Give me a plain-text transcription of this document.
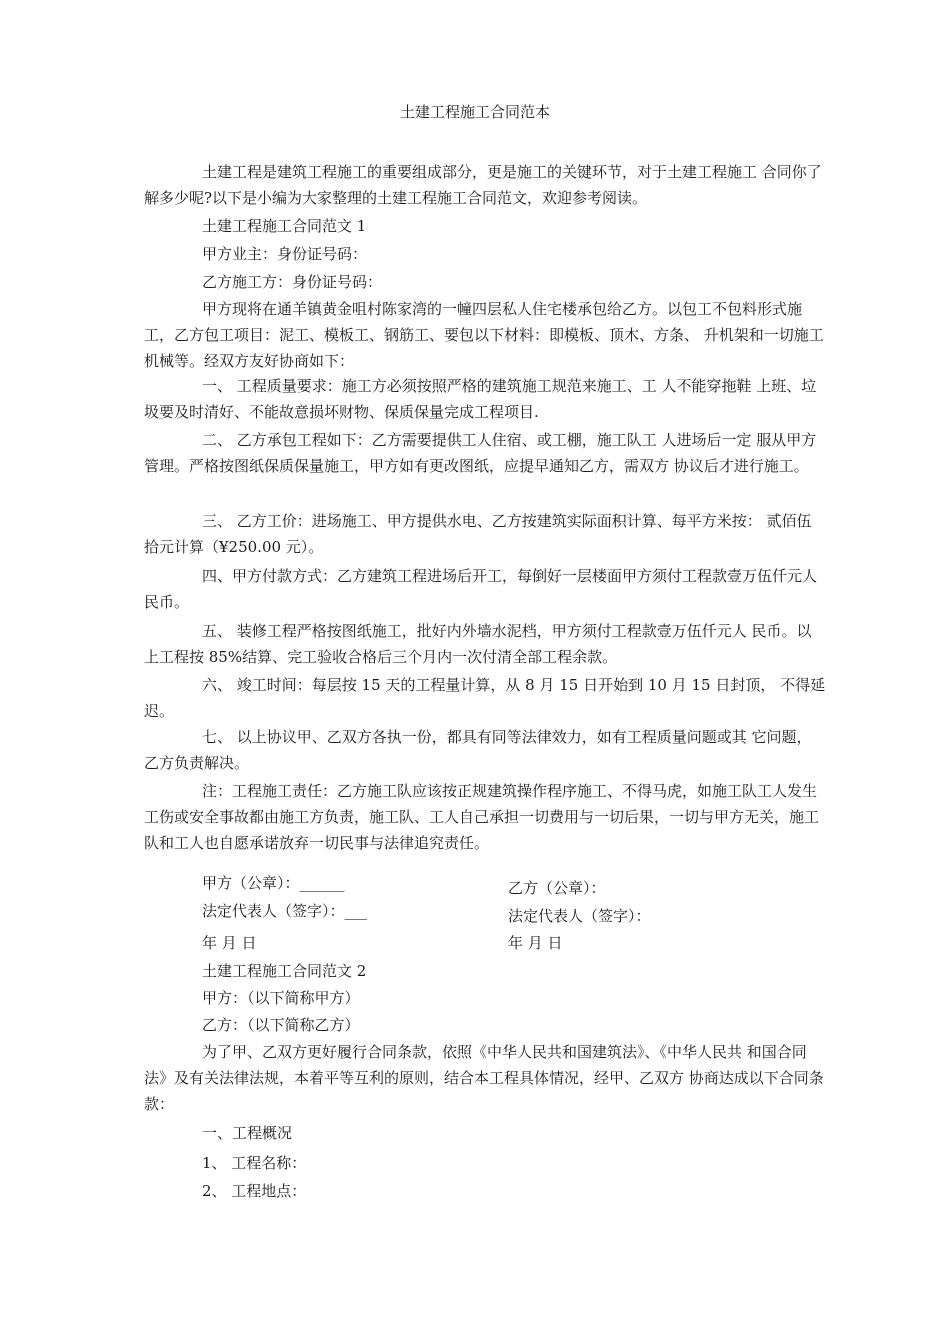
土建工程施工合同范本

土建工程是建筑工程施工的重要组成部分，更是施工的关键环节，对于土建工程施工 合同你了解多少呢?以下是小编为大家整理的土建工程施工合同范文，欢迎参考阅读。

土建工程施工合同范文 1

甲方业主：身份证号码：

乙方施工方：身份证号码：

甲方现将在通羊镇黄金咀村陈家湾的一幢四层私人住宅楼承包给乙方。以包工不包料形式施工，乙方包工项目：泥工、模板工、钢筋工、要包以下材料：即模板、顶木、方条、 升机架和一切施工机械等。经双方友好协商如下：

一、 工程质量要求：施工方必须按照严格的建筑施工规范来施工、工 人不能穿拖鞋 上班、垃圾要及时清好、不能故意损坏财物、保质保量完成工程项目.

二、 乙方承包工程如下：乙方需要提供工人住宿、或工棚，施工队工 人进场后一定 服从甲方管理。严格按图纸保质保量施工，甲方如有更改图纸，应提早通知乙方，需双方 协议后才进行施工。

三、 乙方工价：进场施工、甲方提供水电、乙方按建筑实际面积计算、每平方米按： 贰佰伍拾元计算（¥250.00 元）。

四、甲方付款方式：乙方建筑工程进场后开工，每倒好一层楼面甲方须付工程款壹万伍仟元人民币。

五、 装修工程严格按图纸施工，批好内外墙水泥档，甲方须付工程款壹万伍仟元人 民币。以上工程按 85%结算、完工验收合格后三个月内一次付清全部工程余款。

六、 竣工时间：每层按 15 天的工程量计算，从 8 月 15 日开始到 10 月 15 日封顶， 不得延迟。

七、 以上协议甲、乙双方各执一份，都具有同等法律效力，如有工程质量问题或其 它问题，乙方负责解决。

注：工程施工责任：乙方施工队应该按正规建筑操作程序施工、不得马虎，如施工队工人发生工伤或安全事故都由施工方负责，施工队、工人自己承担一切费用与一切后果，一切与甲方无关，施工队和工人也自愿承诺放弃一切民事与法律追究责任。

甲方（公章）：______
法定代表人（签字）：___
年 月 日
乙方（公章）：
法定代表人（签字）：
年 月 日

土建工程施工合同范文 2

甲方：（以下简称甲方）

乙方：（以下简称乙方）

为了甲、乙双方更好履行合同条款，依照《中华人民共和国建筑法》、《中华人民共 和国合同法》及有关法律法规，本着平等互利的原则，结合本工程具体情况，经甲、乙双方 协商达成以下合同条款：

一、工程概况

1、 工程名称：

2、 工程地点：
